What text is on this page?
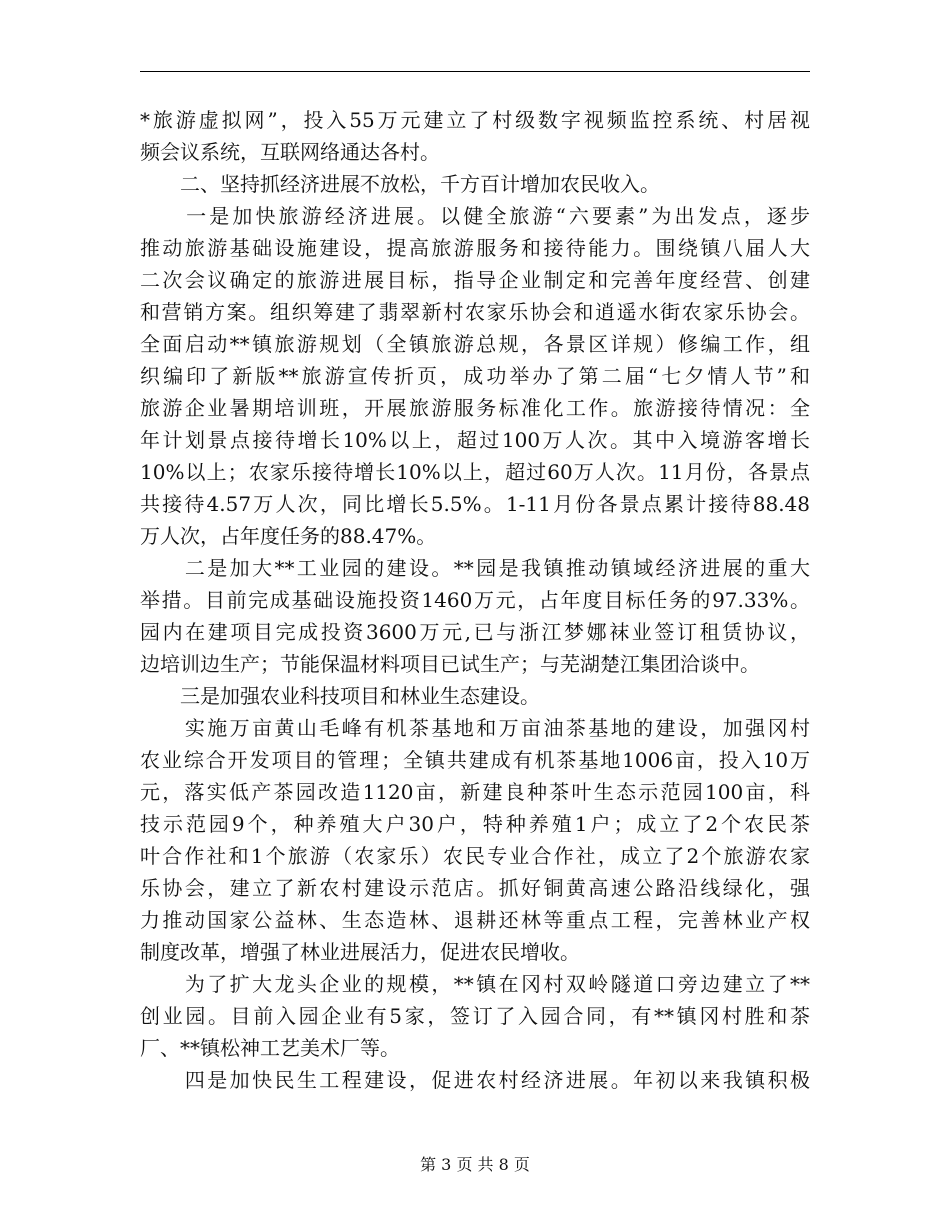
*旅游虚拟网”，投入55万元建立了村级数字视频监控系统、村居视
频会议系统，互联网络通达各村。
　　二、坚持抓经济进展不放松，千方百计增加农民收入。
　　一是加快旅游经济进展。以健全旅游“六要素”为出发点，逐步
推动旅游基础设施建设，提高旅游服务和接待能力。围绕镇八届人大
二次会议确定的旅游进展目标，指导企业制定和完善年度经营、创建
和营销方案。组织筹建了翡翠新村农家乐协会和逍遥水街农家乐协会。
全面启动**镇旅游规划（全镇旅游总规，各景区详规）修编工作，组
织编印了新版**旅游宣传折页，成功举办了第二届“七夕情人节”和
旅游企业暑期培训班，开展旅游服务标准化工作。旅游接待情况：全
年计划景点接待增长10%以上，超过100万人次。其中入境游客增长
10%以上；农家乐接待增长10%以上，超过60万人次。11月份，各景点
共接待4.57万人次，同比增长5.5%。1-11月份各景点累计接待88.48
万人次，占年度任务的88.47%。
　　二是加大**工业园的建设。**园是我镇推动镇域经济进展的重大
举措。目前完成基础设施投资1460万元，占年度目标任务的97.33%。
园内在建项目完成投资3600万元,已与浙江梦娜袜业签订租赁协议，
边培训边生产；节能保温材料项目已试生产；与芜湖楚江集团洽谈中。
　　三是加强农业科技项目和林业生态建设。
　　实施万亩黄山毛峰有机茶基地和万亩油茶基地的建设，加强冈村
农业综合开发项目的管理；全镇共建成有机茶基地1006亩，投入10万
元，落实低产茶园改造1120亩，新建良种茶叶生态示范园100亩，科
技示范园9个，种养殖大户30户，特种养殖1户；成立了2个农民茶
叶合作社和1个旅游（农家乐）农民专业合作社，成立了2个旅游农家
乐协会，建立了新农村建设示范店。抓好铜黄高速公路沿线绿化，强
力推动国家公益林、生态造林、退耕还林等重点工程，完善林业产权
制度改革，增强了林业进展活力，促进农民增收。
　　为了扩大龙头企业的规模，**镇在冈村双岭隧道口旁边建立了**
创业园。目前入园企业有5家，签订了入园合同，有**镇冈村胜和茶
厂、**镇松神工艺美术厂等。
　　四是加快民生工程建设，促进农村经济进展。年初以来我镇积极
第 3 页 共 8 页
